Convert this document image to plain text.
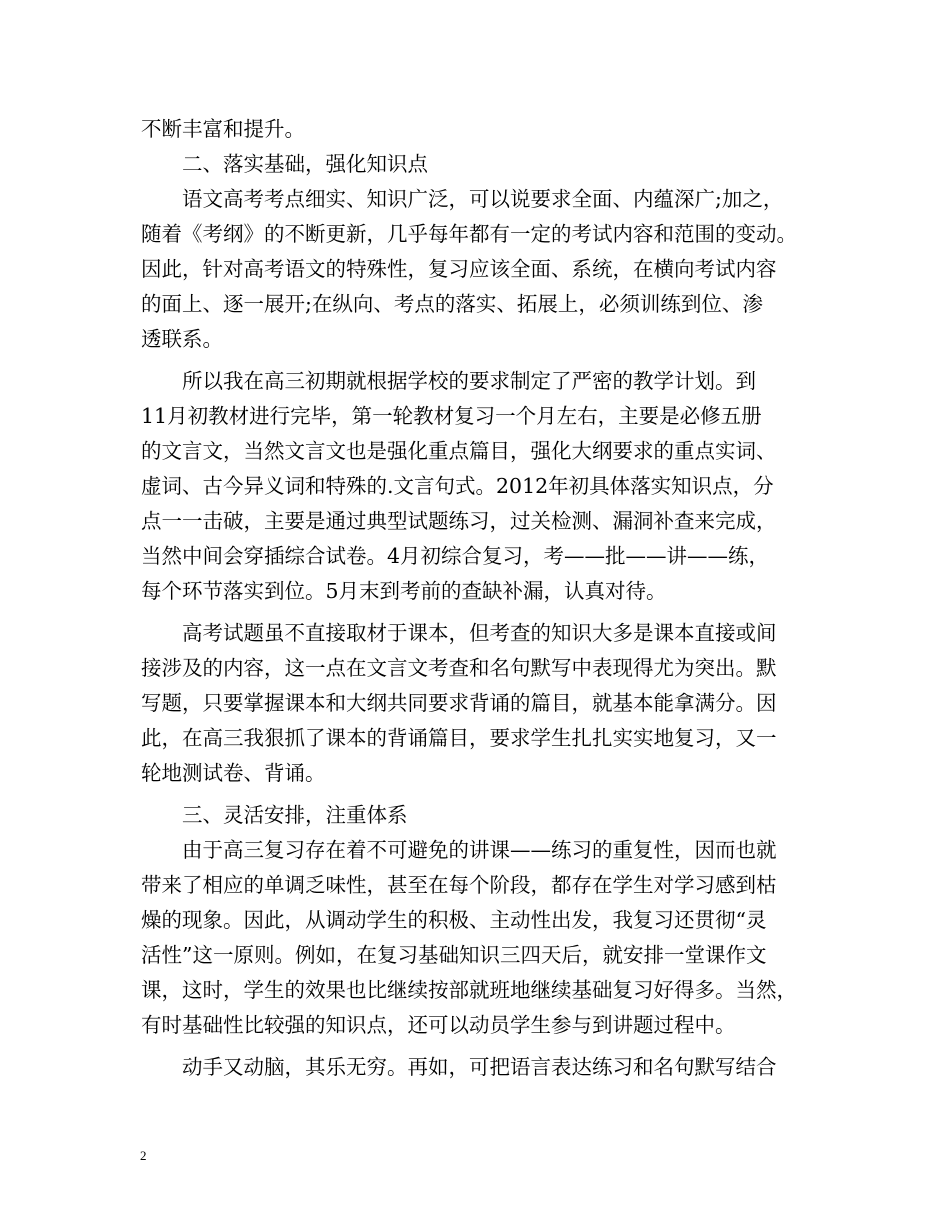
不断丰富和提升。
　　二、落实基础，强化知识点
　　语文高考考点细实、知识广泛，可以说要求全面、内蕴深广;加之，
随着《考纲》的不断更新，几乎每年都有一定的考试内容和范围的变动。
因此，针对高考语文的特殊性，复习应该全面、系统，在横向考试内容
的面上、逐一展开;在纵向、考点的落实、拓展上，必须训练到位、渗
透联系。
　　所以我在高三初期就根据学校的要求制定了严密的教学计划。到
11月初教材进行完毕，第一轮教材复习一个月左右，主要是必修五册
的文言文，当然文言文也是强化重点篇目，强化大纲要求的重点实词、
虚词、古今异义词和特殊的.文言句式。2012年初具体落实知识点，分
点一一击破，主要是通过典型试题练习，过关检测、漏洞补查来完成，
当然中间会穿插综合试卷。4月初综合复习，考——批——讲——练，
每个环节落实到位。5月末到考前的查缺补漏，认真对待。
　　高考试题虽不直接取材于课本，但考查的知识大多是课本直接或间
接涉及的内容，这一点在文言文考查和名句默写中表现得尤为突出。默
写题，只要掌握课本和大纲共同要求背诵的篇目，就基本能拿满分。因
此，在高三我狠抓了课本的背诵篇目，要求学生扎扎实实地复习，又一
轮地测试卷、背诵。
　　三、灵活安排，注重体系
　　由于高三复习存在着不可避免的讲课——练习的重复性，因而也就
带来了相应的单调乏味性，甚至在每个阶段，都存在学生对学习感到枯
燥的现象。因此，从调动学生的积极、主动性出发，我复习还贯彻“灵
活性”这一原则。例如，在复习基础知识三四天后，就安排一堂课作文
课，这时，学生的效果也比继续按部就班地继续基础复习好得多。当然，
有时基础性比较强的知识点，还可以动员学生参与到讲题过程中。
　　动手又动脑，其乐无穷。再如，可把语言表达练习和名句默写结合
2
